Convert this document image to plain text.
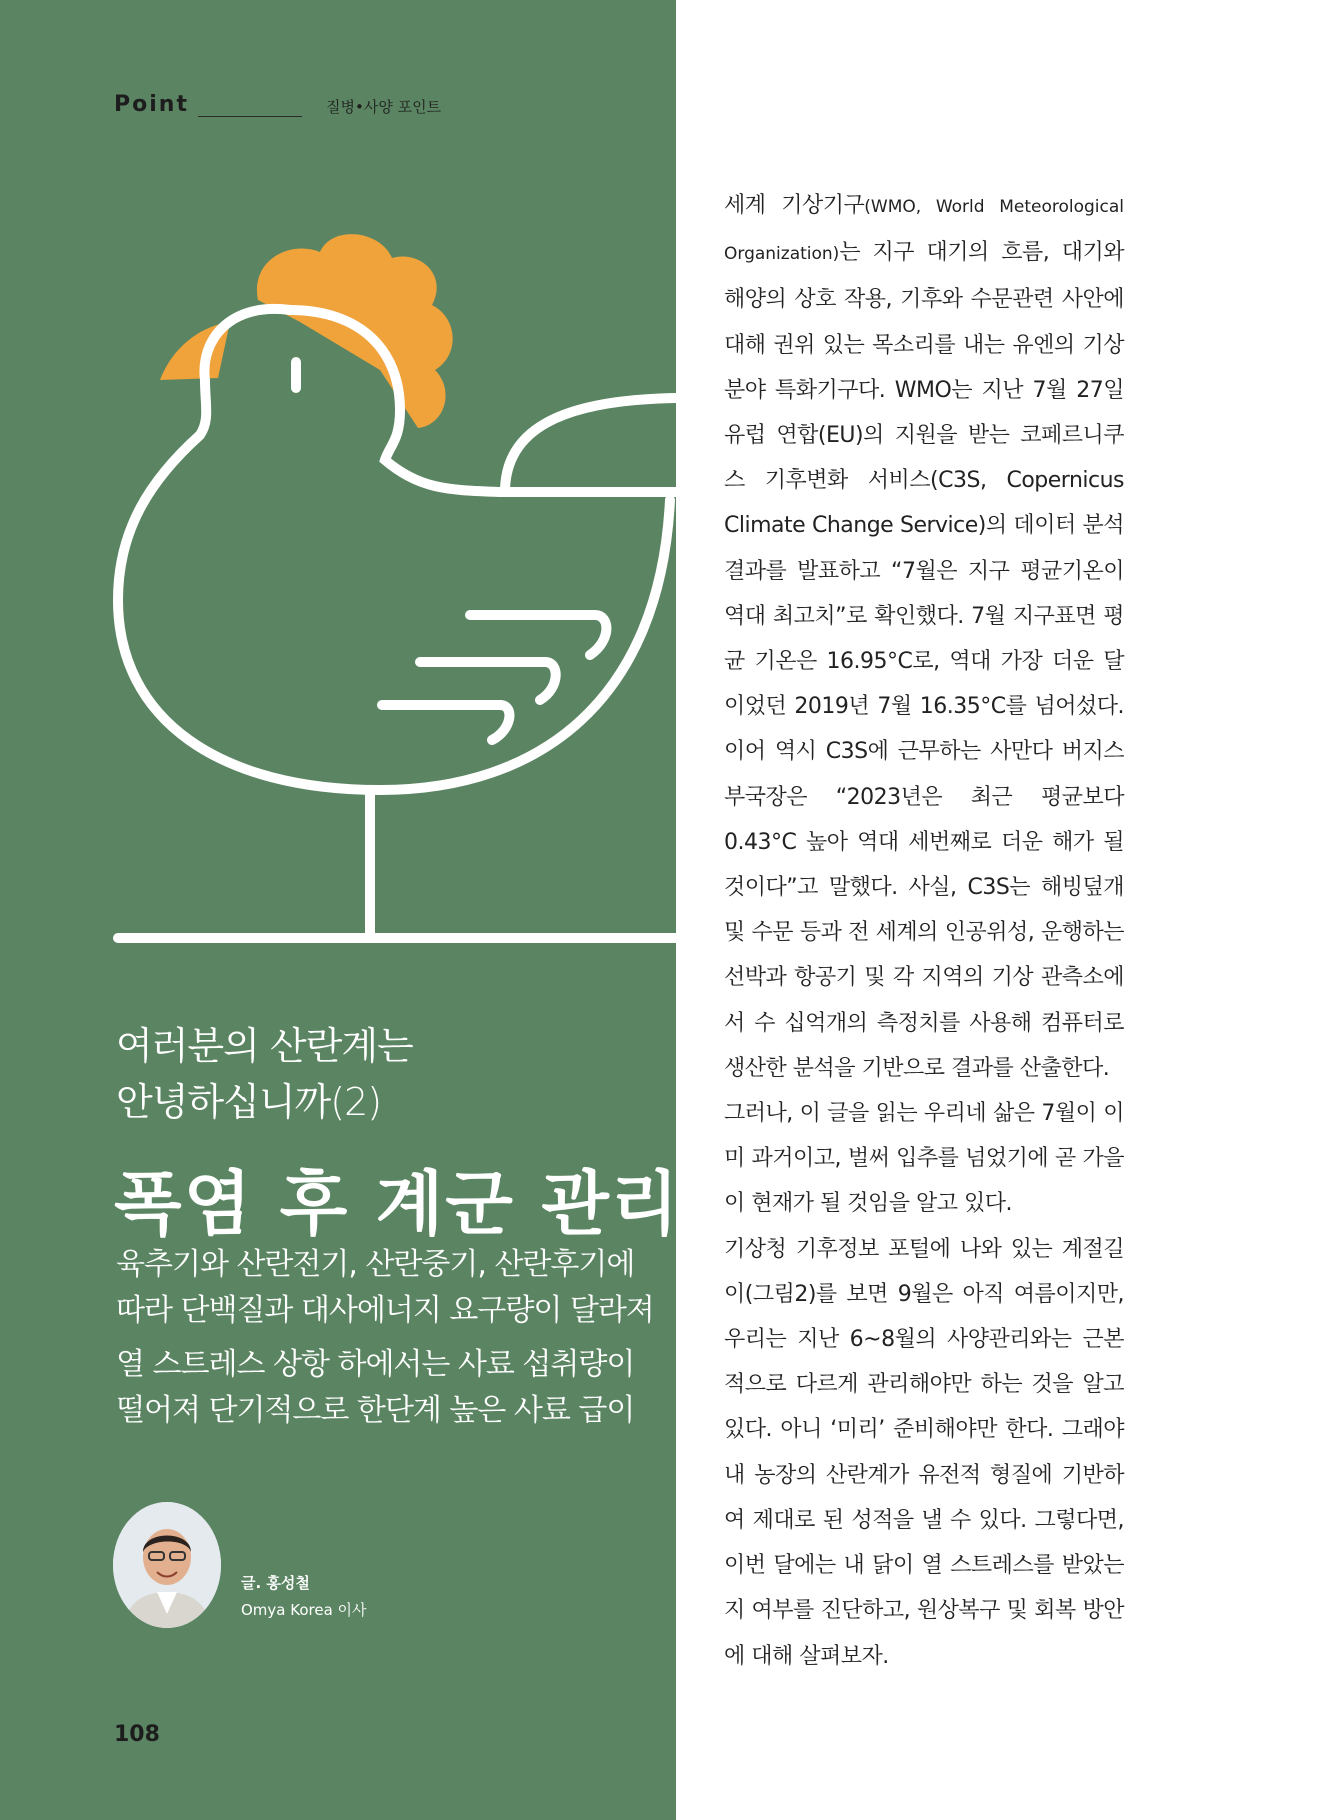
Point	질병•사양 포인트
여러분의 산란계는
안녕하십니까(2)
폭염 후 계군 관리
육추기와 산란전기, 산란중기, 산란후기에 따라 단백질과 대사에너지 요구량이 달라져
열 스트레스 상항 하에서는 사료 섭취량이 떨어져 단기적으로 한단계 높은 사료 급이
글. 홍성철
Omya Korea 이사
108

세계 기상기구(WMO, World Meteorological Organization)는 지구 대기의 흐름, 대기와 해양의 상호 작용, 기후와 수문관련 사안에 대해 권위 있는 목소리를 내는 유엔의 기상분야 특화기구다. WMO는 지난 7월 27일 유럽 연합(EU)의 지원을 받는 코페르니쿠스 기후변화 서비스(C3S, Copernicus Climate Change Service)의 데이터 분석 결과를 발표하고 “7월은 지구 평균기온이 역대 최고치”로 확인했다. 7월 지구표면 평균 기온은 16.95°C로, 역대 가장 더운 달이었던 2019년 7월 16.35°C를 넘어섰다. 이어 역시 C3S에 근무하는 사만다 버지스 부국장은 “2023년은 최근 평균보다 0.43°C 높아 역대 세번째로 더운 해가 될 것이다”고 말했다. 사실, C3S는 해빙덮개 및 수문 등과 전 세계의 인공위성, 운행하는 선박과 항공기 및 각 지역의 기상 관측소에서 수 십억개의 측정치를 사용해 컴퓨터로 생산한 분석을 기반으로 결과를 산출한다.

그러나, 이 글을 읽는 우리네 삶은 7월이 이미 과거이고, 벌써 입추를 넘었기에 곧 가을이 현재가 될 것임을 알고 있다.

기상청 기후정보 포털에 나와 있는 계절길이(그림2)를 보면 9월은 아직 여름이지만, 우리는 지난 6~8월의 사양관리와는 근본적으로 다르게 관리해야만 하는 것을 알고 있다. 아니 ‘미리’ 준비해야만 한다. 그래야 내 농장의 산란계가 유전적 형질에 기반하여 제대로 된 성적을 낼 수 있다. 그렇다면, 이번 달에는 내 닭이 열 스트레스를 받았는지 여부를 진단하고, 원상복구 및 회복 방안에 대해 살펴보자.
